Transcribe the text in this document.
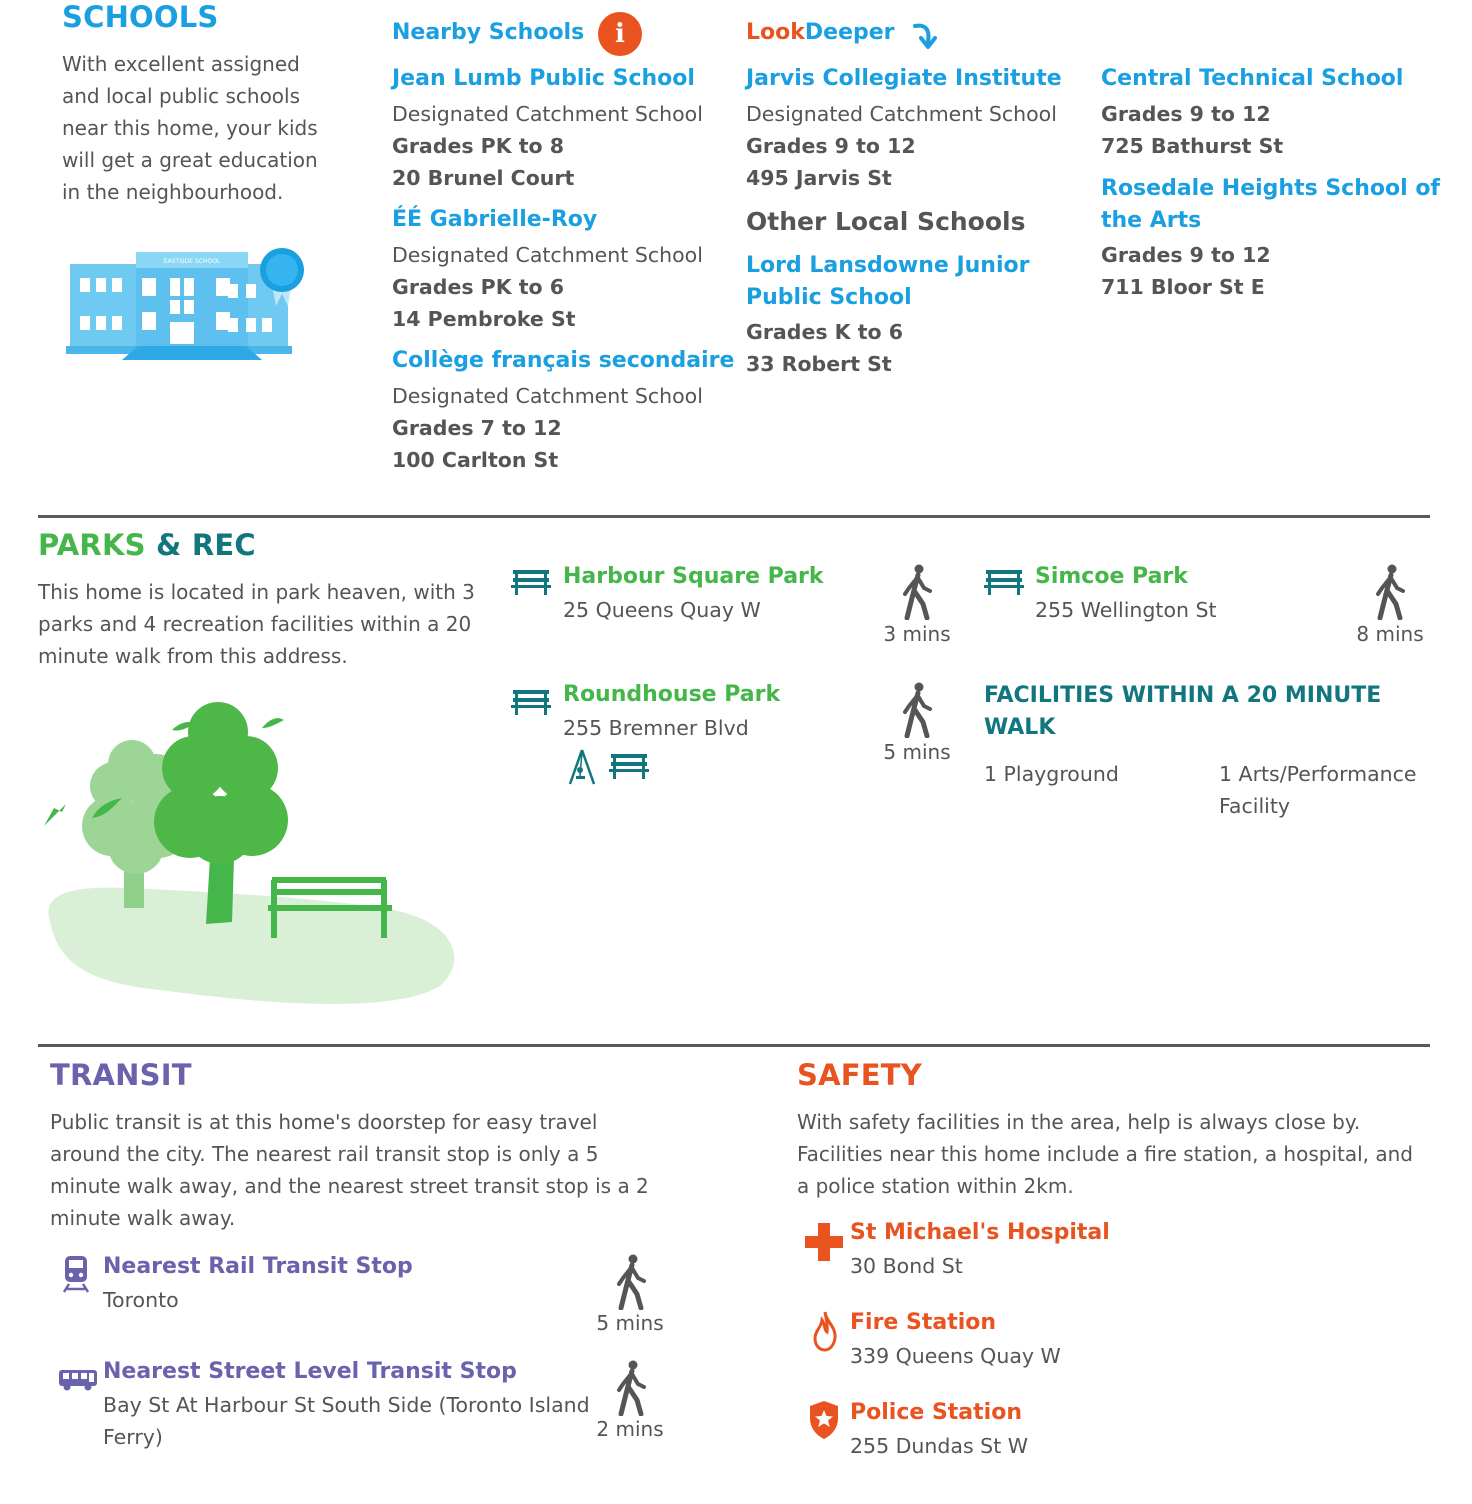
SCHOOLS
With excellent assigned and local public schools near this home, your kids will get a great education in the neighbourhood.
EASTSIDE SCHOOL
Nearby Schools	i
Jean Lumb Public School
Designated Catchment School
Grades PK to 8
20 Brunel Court
ÉÉ Gabrielle-Roy
Designated Catchment School
Grades PK to 6
14 Pembroke St
Collège français secondaire
Designated Catchment School
Grades 7 to 12
100 Carlton St
LookDeeper
Jarvis Collegiate Institute
Designated Catchment School
Grades 9 to 12
495 Jarvis St
Other Local Schools
Lord Lansdowne Junior
Public School
Grades K to 6
33 Robert St
Central Technical School
Grades 9 to 12
725 Bathurst St
Rosedale Heights School of
the Arts
Grades 9 to 12
711 Bloor St E
PARKS & REC
This home is located in park heaven, with 3 parks and 4 recreation facilities within a 20 minute walk from this address.
Harbour Square Park
25 Queens Quay W
3 mins
Simcoe Park
255 Wellington St
8 mins
Roundhouse Park
255 Bremner Blvd
5 mins
FACILITIES WITHIN A 20 MINUTE WALK
1 Playground	1 Arts/Performance Facility
TRANSIT
Public transit is at this home's doorstep for easy travel around the city. The nearest rail transit stop is only a 5 minute walk away, and the nearest street transit stop is a 2 minute walk away.
Nearest Rail Transit Stop
Toronto
5 mins
Nearest Street Level Transit Stop
Bay St At Harbour St South Side (Toronto Island Ferry)	2 mins
SAFETY
With safety facilities in the area, help is always close by. Facilities near this home include a fire station, a hospital, and a police station within 2km.
St Michael's Hospital
30 Bond St
Fire Station
339 Queens Quay W
Police Station
255 Dundas St W
